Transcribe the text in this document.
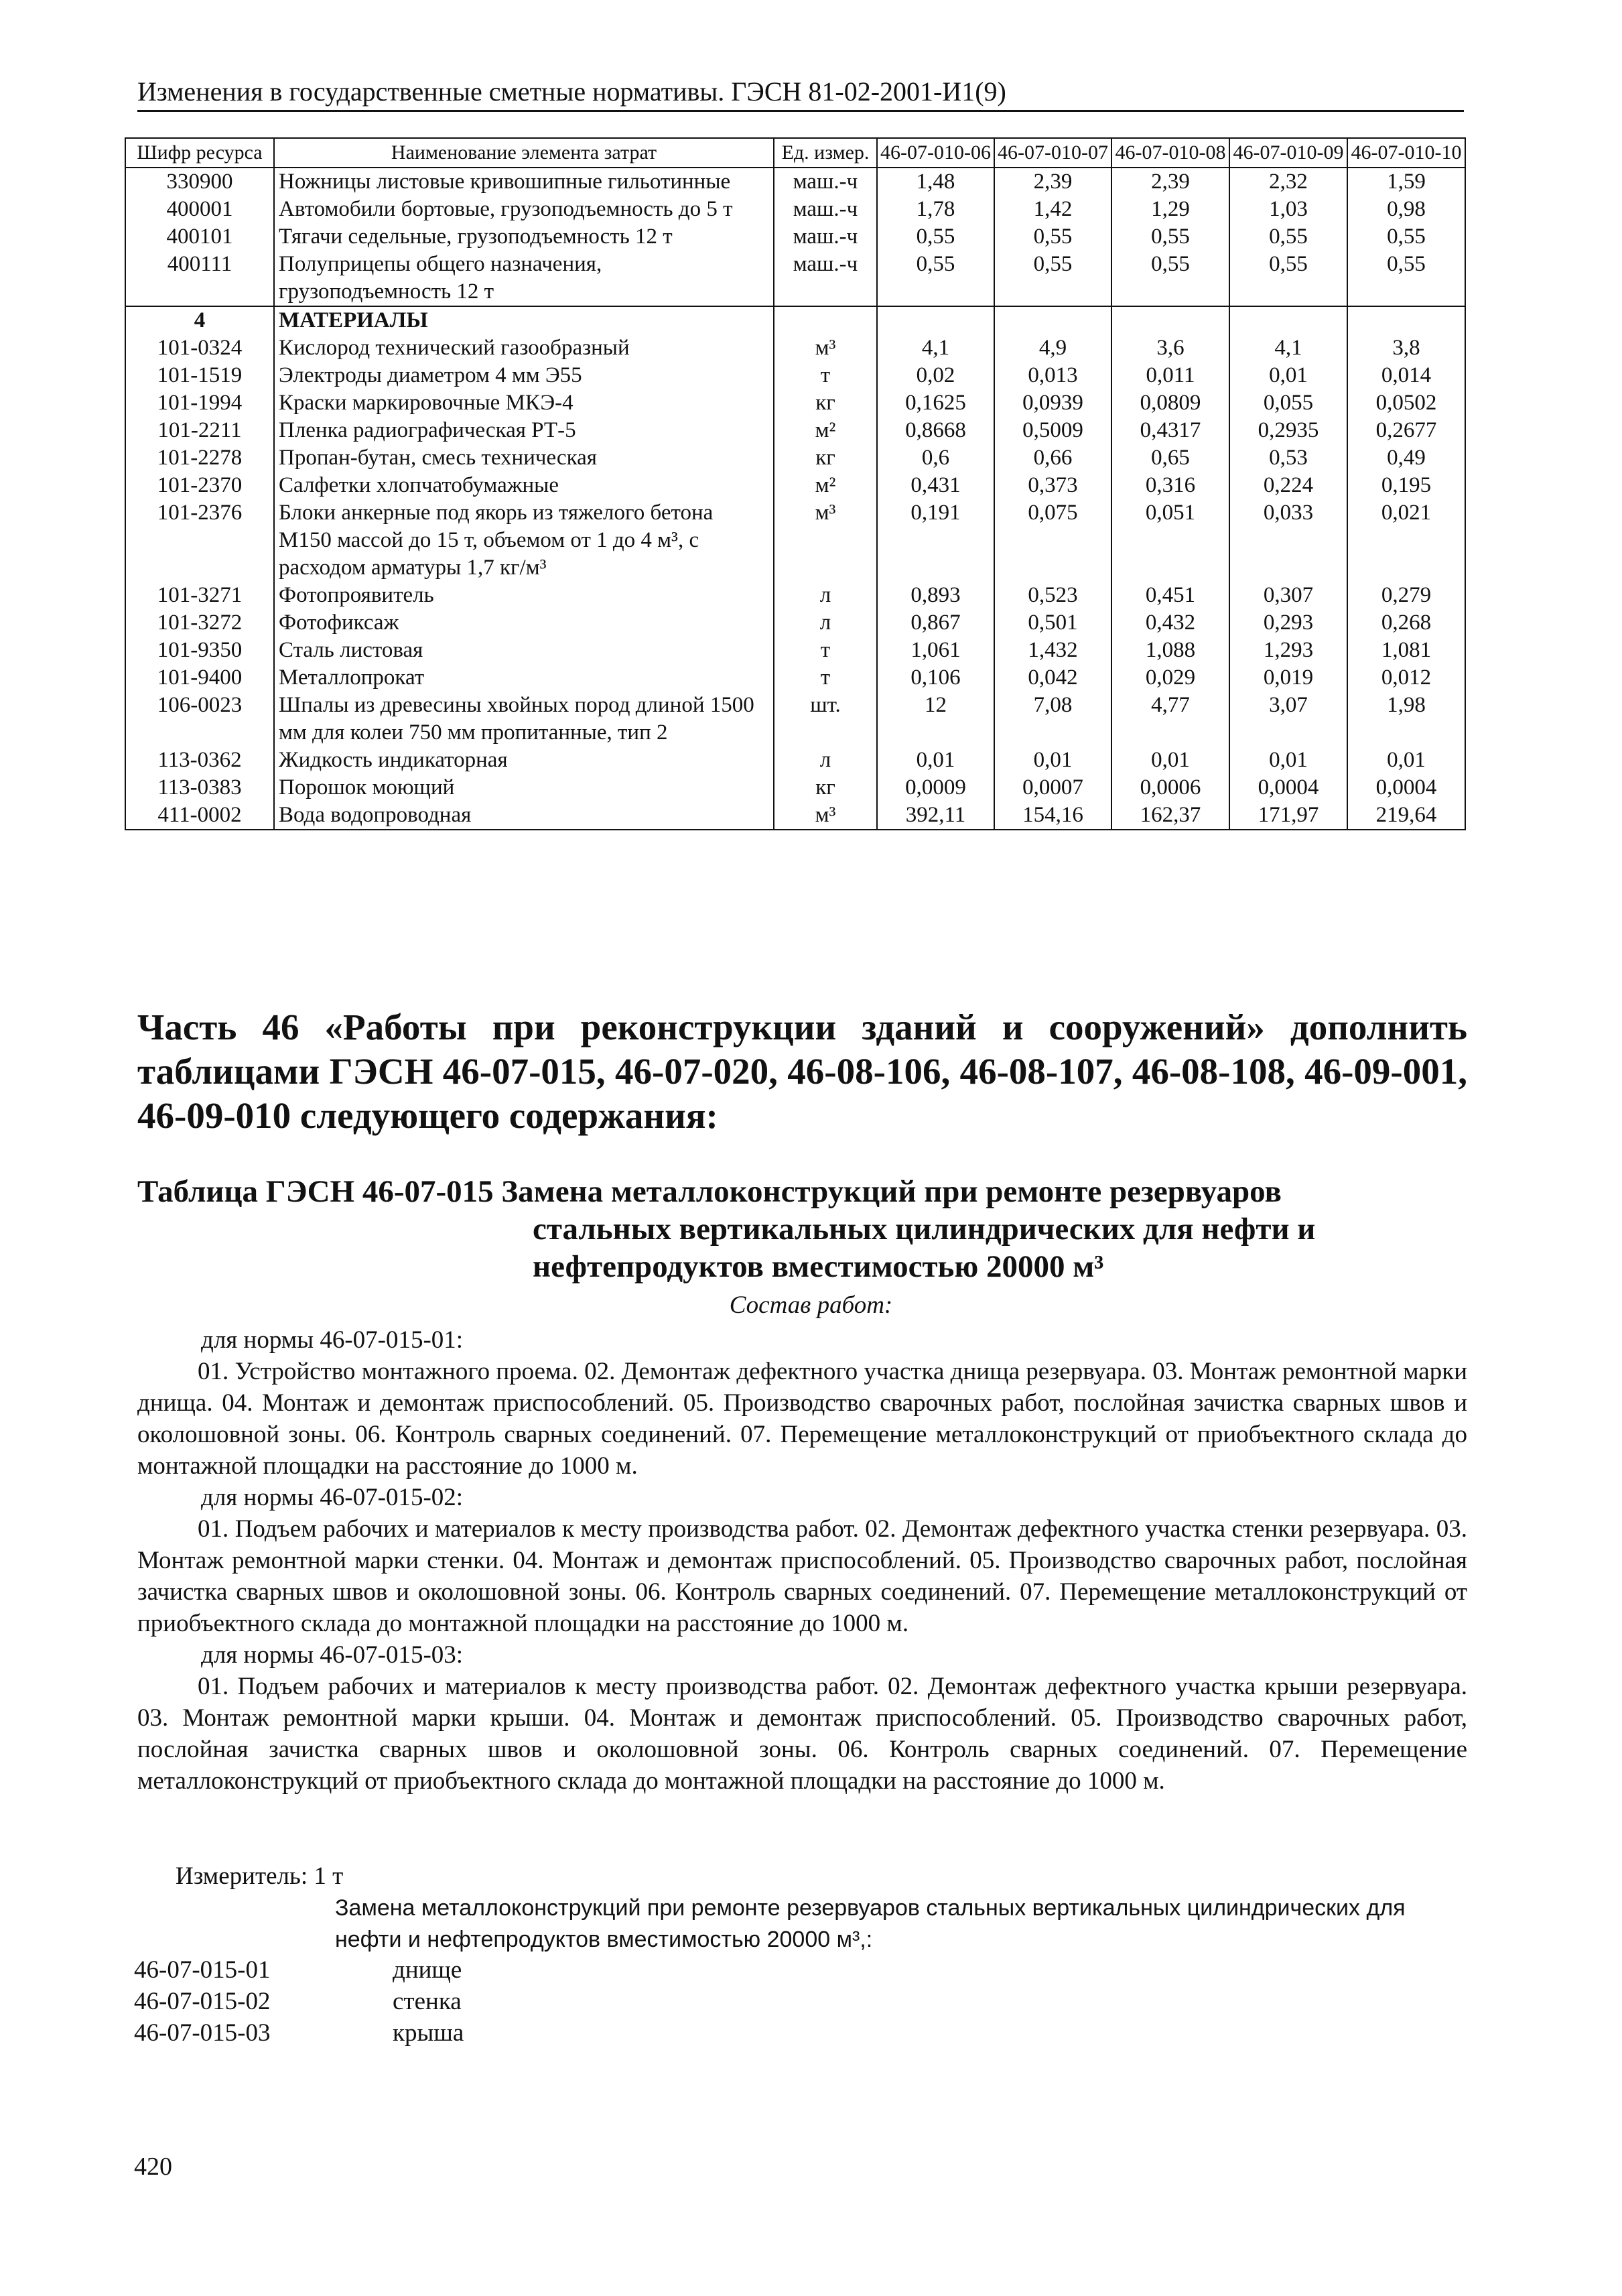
Изменения в государственные сметные нормативы. ГЭСН 81-02-2001-И1(9)
Шифр ресурса	Наименование элемента затрат	Ед. измер.	46-07-010-06	46-07-010-07	46-07-010-08	46-07-010-09	46-07-010-10
330900	Ножницы листовые кривошипные гильотинные	маш.-ч	1,48	2,39	2,39	2,32	1,59
400001	Автомобили бортовые, грузоподъемность до 5 т	маш.-ч	1,78	1,42	1,29	1,03	0,98
400101	Тягачи седельные, грузоподъемность 12 т	маш.-ч	0,55	0,55	0,55	0,55	0,55
400111	Полуприцепы общего назначения, грузоподъемность 12 т	маш.-ч	0,55	0,55	0,55	0,55	0,55
4	МАТЕРИАЛЫ						
101-0324	Кислород технический газообразный	м³	4,1	4,9	3,6	4,1	3,8
101-1519	Электроды диаметром 4 мм Э55	т	0,02	0,013	0,011	0,01	0,014
101-1994	Краски маркировочные МКЭ-4	кг	0,1625	0,0939	0,0809	0,055	0,0502
101-2211	Пленка радиографическая РТ-5	м²	0,8668	0,5009	0,4317	0,2935	0,2677
101-2278	Пропан-бутан, смесь техническая	кг	0,6	0,66	0,65	0,53	0,49
101-2370	Салфетки хлопчатобумажные	м²	0,431	0,373	0,316	0,224	0,195
101-2376	Блоки анкерные под якорь из тяжелого бетона М150 массой до 15 т, объемом от 1 до 4 м³, с расходом арматуры 1,7 кг/м³	м³	0,191	0,075	0,051	0,033	0,021
101-3271	Фотопроявитель	л	0,893	0,523	0,451	0,307	0,279
101-3272	Фотофиксаж	л	0,867	0,501	0,432	0,293	0,268
101-9350	Сталь листовая	т	1,061	1,432	1,088	1,293	1,081
101-9400	Металлопрокат	т	0,106	0,042	0,029	0,019	0,012
106-0023	Шпалы из древесины хвойных пород длиной 1500 мм для колеи 750 мм пропитанные, тип 2	шт.	12	7,08	4,77	3,07	1,98
113-0362	Жидкость индикаторная	л	0,01	0,01	0,01	0,01	0,01
113-0383	Порошок моющий	кг	0,0009	0,0007	0,0006	0,0004	0,0004
411-0002	Вода водопроводная	м³	392,11	154,16	162,37	171,97	219,64
Часть 46 «Работы при реконструкции зданий и сооружений» дополнить таблицами ГЭСН 46-07-015, 46-07-020, 46-08-106, 46-08-107, 46-08-108, 46-09-001, 46-09-010 следующего содержания:
Таблица ГЭСН 46-07-015 Замена металлоконструкций при ремонте резервуаров
стальных вертикальных цилиндрических для нефти и
нефтепродуктов вместимостью 20000 м³
Состав работ:
для нормы 46-07-015-01:
01. Устройство монтажного проема. 02. Демонтаж дефектного участка днища резервуара. 03. Монтаж ремонтной марки днища. 04. Монтаж и демонтаж приспособлений. 05. Производство сварочных работ, послойная зачистка сварных швов и околошовной зоны. 06. Контроль сварных соединений. 07. Перемещение металлоконструкций от приобъектного склада до монтажной площадки на расстояние до 1000 м.
для нормы 46-07-015-02:
01. Подъем рабочих и материалов к месту производства работ. 02. Демонтаж дефектного участка стенки резервуара. 03. Монтаж ремонтной марки стенки. 04. Монтаж и демонтаж приспособлений. 05. Производство сварочных работ, послойная зачистка сварных швов и околошовной зоны. 06. Контроль сварных соединений. 07. Перемещение металлоконструкций от приобъектного склада до монтажной площадки на расстояние до 1000 м.
для нормы 46-07-015-03:
01. Подъем рабочих и материалов к месту производства работ. 02. Демонтаж дефектного участка крыши резервуара. 03. Монтаж ремонтной марки крыши. 04. Монтаж и демонтаж приспособлений. 05. Производство сварочных работ, послойная зачистка сварных швов и околошовной зоны. 06. Контроль сварных соединений. 07. Перемещение металлоконструкций от приобъектного склада до монтажной площадки на расстояние до 1000 м.
Измеритель: 1 т
Замена металлоконструкций при ремонте резервуаров стальных вертикальных цилиндрических для нефти и нефтепродуктов вместимостью 20000 м³,:
46-07-015-01	днище
46-07-015-02	стенка
46-07-015-03	крыша
420
